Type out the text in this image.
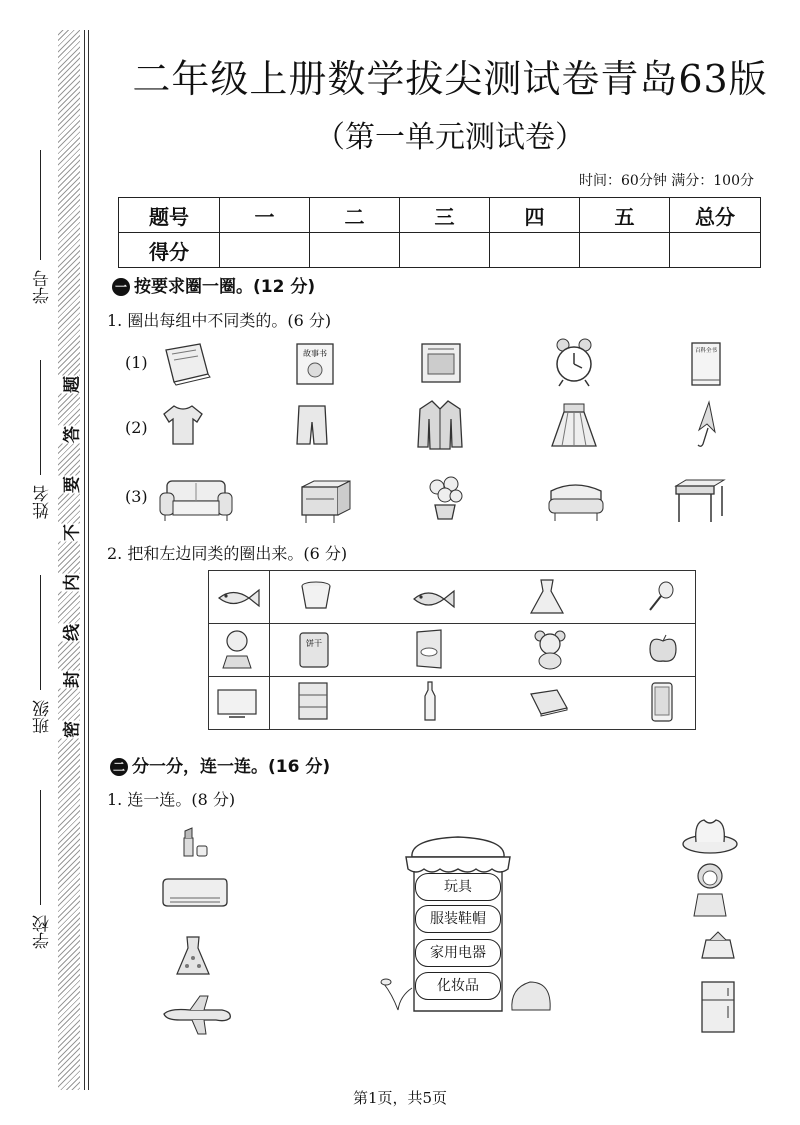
学号
姓名
班级
学校
密
封
线
内
不
要
答
题
二年级上册数学拔尖测试卷青岛63版
（第一单元测试卷）
时间：60分钟 满分：100分
题号	一	二	三	四	五	总分
得分						
一 按要求圈一圈。(12 分)
1. 圈出每组中不同类的。(6 分)
(1)
(2)
(3)
故事书	百科全书
2. 把和左边同类的圈出来。(6 分)

饼干
二 分一分，连一连。(16 分)
1. 连一连。(8 分)
玩具
服装鞋帽
家用电器
化妆品
第1页，共5页
